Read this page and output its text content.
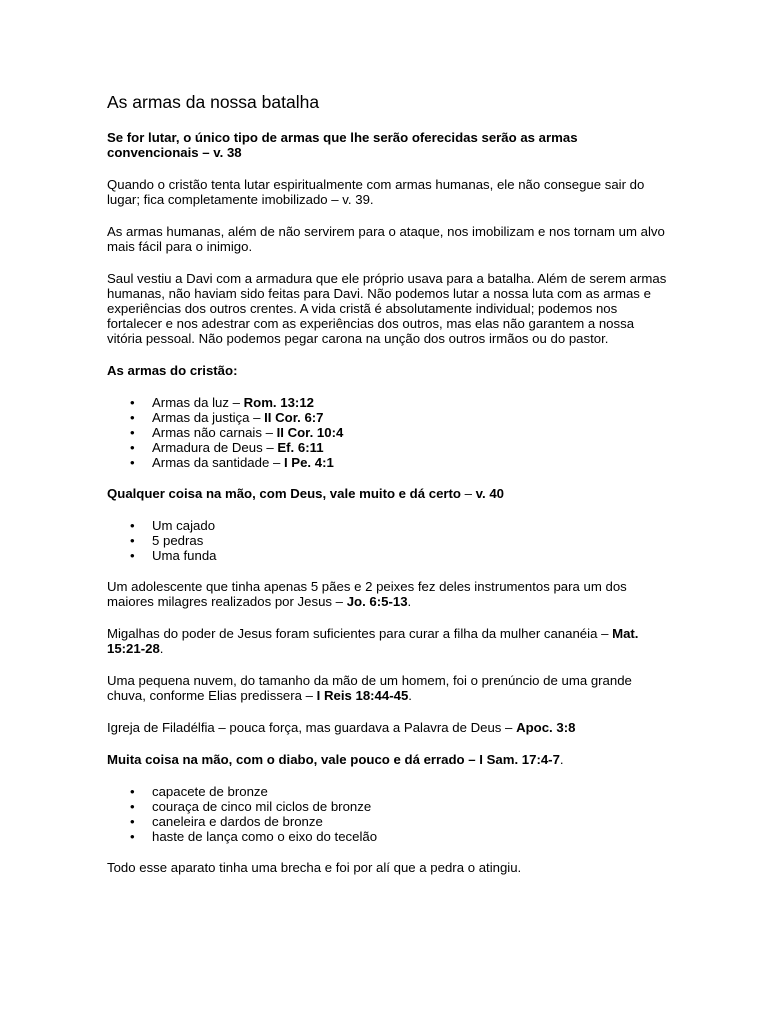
As armas da nossa batalha

Se for lutar, o único tipo de armas que lhe serão oferecidas serão as armas convencionais – v. 38

Quando o cristão tenta lutar espiritualmente com armas humanas, ele não consegue sair do lugar; fica completamente imobilizado – v. 39.

As armas humanas, além de não servirem para o ataque, nos imobilizam e nos tornam um alvo mais fácil para o inimigo.

Saul vestiu a Davi com a armadura que ele próprio usava para a batalha. Além de serem armas humanas, não haviam sido feitas para Davi. Não podemos lutar a nossa luta com as armas e experiências dos outros crentes. A vida cristã é absolutamente individual; podemos nos fortalecer e nos adestrar com as experiências dos outros, mas elas não garantem a nossa vitória pessoal. Não podemos pegar carona na unção dos outros irmãos ou do pastor.

As armas do cristão:

• Armas da luz – Rom. 13:12
• Armas da justiça – II Cor. 6:7
• Armas não carnais – II Cor. 10:4
• Armadura de Deus – Ef. 6:11
• Armas da santidade – I Pe. 4:1

Qualquer coisa na mão, com Deus, vale muito e dá certo – v. 40

• Um cajado
• 5 pedras
• Uma funda

Um adolescente que tinha apenas 5 pães e 2 peixes fez deles instrumentos para um dos maiores milagres realizados por Jesus – Jo. 6:5-13.

Migalhas do poder de Jesus foram suficientes para curar a filha da mulher cananéia – Mat. 15:21-28.

Uma pequena nuvem, do tamanho da mão de um homem, foi o prenúncio de uma grande chuva, conforme Elias predissera – I Reis 18:44-45.

Igreja de Filadélfia – pouca força, mas guardava a Palavra de Deus – Apoc. 3:8

Muita coisa na mão, com o diabo, vale pouco e dá errado – I Sam. 17:4-7.

• capacete de bronze
• couraça de cinco mil ciclos de bronze
• caneleira e dardos de bronze
• haste de lança como o eixo do tecelão

Todo esse aparato tinha uma brecha e foi por alí que a pedra o atingiu.
